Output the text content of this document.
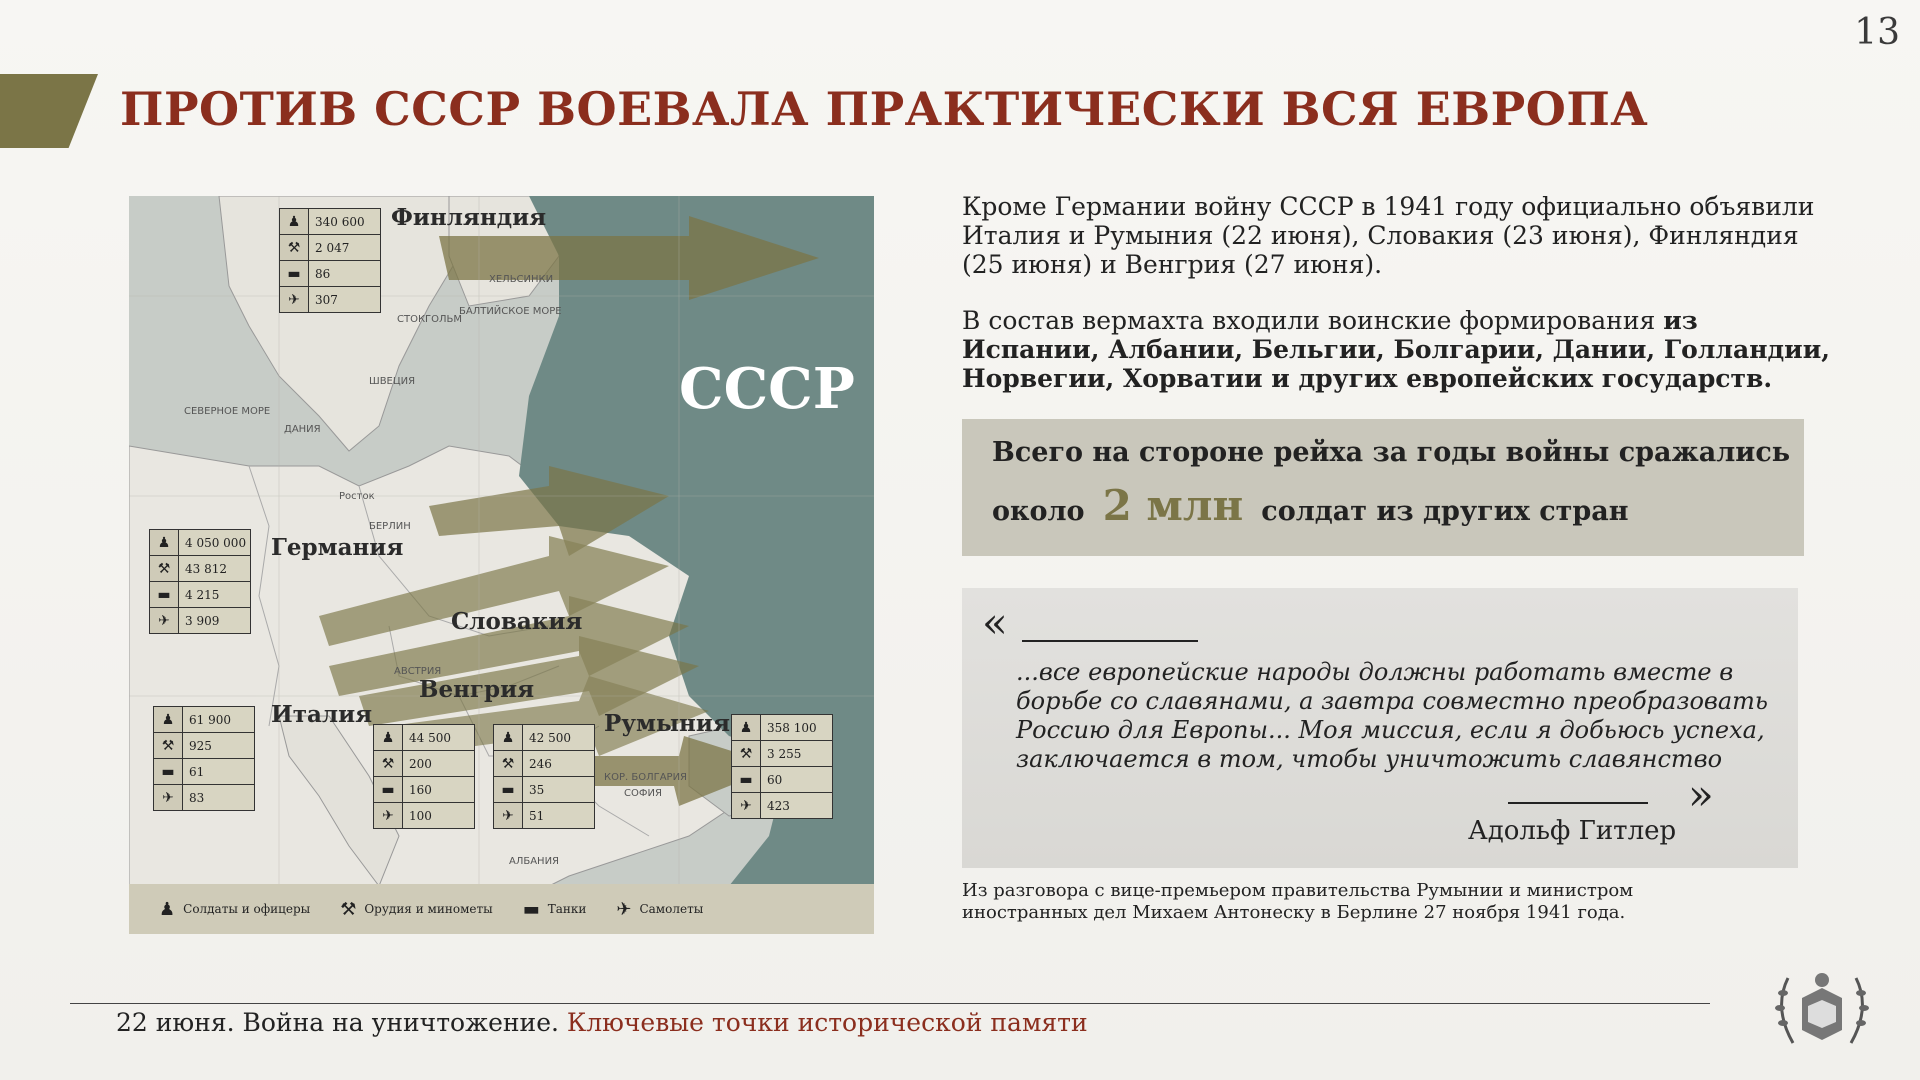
13
ПРОТИВ СССР ВОЕВАЛА ПРАКТИЧЕСКИ ВСЯ ЕВРОПА
СССР
БАЛТИЙСКОЕ МОРЕ
ШВЕЦИЯ
СЕВЕРНОЕ МОРЕ
ДАНИЯ
СТОКГОЛЬМ
ХЕЛЬСИНКИ
БЕРЛИН
Росток
АВСТРИЯ
КОР. БОЛГАРИЯ
СОФИЯ
АЛБАНИЯ
Финляндия
Германия
Словакия
Венгрия
Италия	Румыния
♟	340 600
⚒	2 047
▬	86
✈	307
♟	4 050 000
⚒	43 812
▬	4 215
✈	3 909
♟	61 900
⚒	925
▬	61
✈	83
♟	44 500
⚒	200
▬	160
✈	100
♟	42 500
⚒	246
▬	35
✈	51
♟	358 100
⚒	3 255
▬	60
✈	423
♟ Солдаты и офицеры ⚒ Орудия и минометы ▬ Танки ✈ Самолеты
Кроме Германии войну СССР в 1941 году официально объявили Италия и Румыния (22 июня), Словакия (23 июня), Финляндия (25 июня) и Венгрия (27 июня).
В состав вермахта входили воинские формирования из Испании, Албании, Бельгии, Болгарии, Дании, Голландии, Норвегии, Хорватии и других европейских государств.
Всего на стороне рейха за годы войны сражались
около 2 млн солдат из других стран
«
...все европейские народы должны работать вместе в борьбе со славянами, а завтра совместно преобразовать Россию для Европы... Моя миссия, если я добьюсь успеха, заключается в том, чтобы уничтожить славянство
»
Адольф Гитлер
Из разговора с вице-премьером правительства Румынии и министром иностранных дел Михаем Антонеску в Берлине 27 ноября 1941 года.
22 июня. Война на уничтожение. Ключевые точки исторической памяти
